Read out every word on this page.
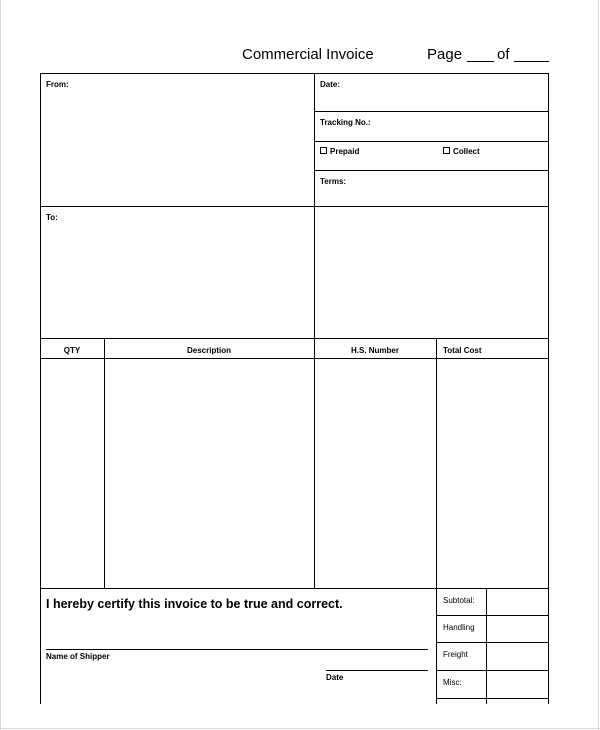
Commercial Invoice	Page of
From:
To:
Date:
Tracking No.:
Prepaid	Collect
Terms:
QTY	Description	H.S. Number	Total Cost
I hereby certify this invoice to be true and correct.
Name of Shipper
Date
Subtotal:
Handling
Freight
Misc:
